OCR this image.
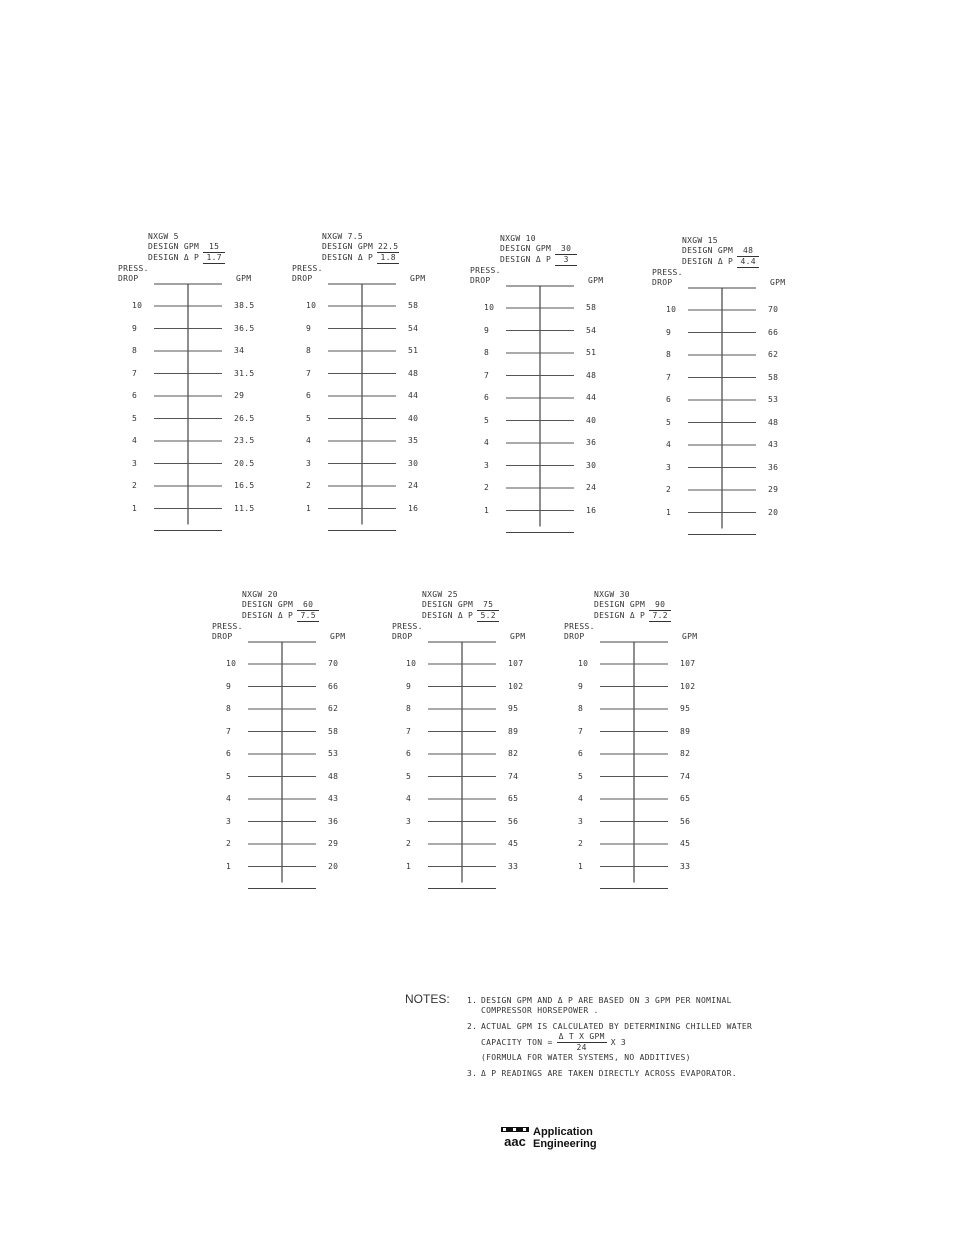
NXGW 5
DESIGN GPM 15
DESIGN Δ P 1.7
PRESS.
DROP	GPM
10	38.5
9	36.5
8	34
7	31.5
6	29
5	26.5
4	23.5
3	20.5
2	16.5
1	11.5
NXGW 7.5
DESIGN GPM 22.5
DESIGN Δ P 1.8
PRESS.
DROP	GPM
10	58
9	54
8	51
7	48
6	44
5	40
4	35
3	30
2	24
1	16
NXGW 10
DESIGN GPM 30
DESIGN Δ P 3
PRESS.
DROP	GPM
10	58
9	54
8	51
7	48
6	44
5	40
4	36
3	30
2	24
1	16
NXGW 15
DESIGN GPM 48
DESIGN Δ P 4.4
PRESS.
DROP	GPM
10	70
9	66
8	62
7	58
6	53
5	48
4	43
3	36
2	29
1	20
NXGW 20
DESIGN GPM 60
DESIGN Δ P 7.5
PRESS.
DROP	GPM
10	70
9	66
8	62
7	58
6	53
5	48
4	43
3	36
2	29
1	20
NXGW 25
DESIGN GPM 75
DESIGN Δ P 5.2
PRESS.
DROP	GPM
10	107
9	102
8	95
7	89
6	82
5	74
4	65
3	56
2	45
1	33
NXGW 30
DESIGN GPM 90
DESIGN Δ P 7.2
PRESS.
DROP	GPM
10	107
9	102
8	95
7	89
6	82
5	74
4	65
3	56
2	45
1	33
NOTES: 1. DESIGN GPM AND Δ P ARE BASED ON 3 GPM PER NOMINAL
COMPRESSOR HORSEPOWER .
2. ACTUAL GPM IS CALCULATED BY DETERMINING CHILLED WATER
CAPACITY TON = $\frac{\text{Δ T X GPM}}{24}$ X 3
(FORMULA FOR WATER SYSTEMS, NO ADDITIVES)
3. Δ P READINGS ARE TAKEN DIRECTLY ACROSS EVAPORATOR.
aac
Application
Engineering
